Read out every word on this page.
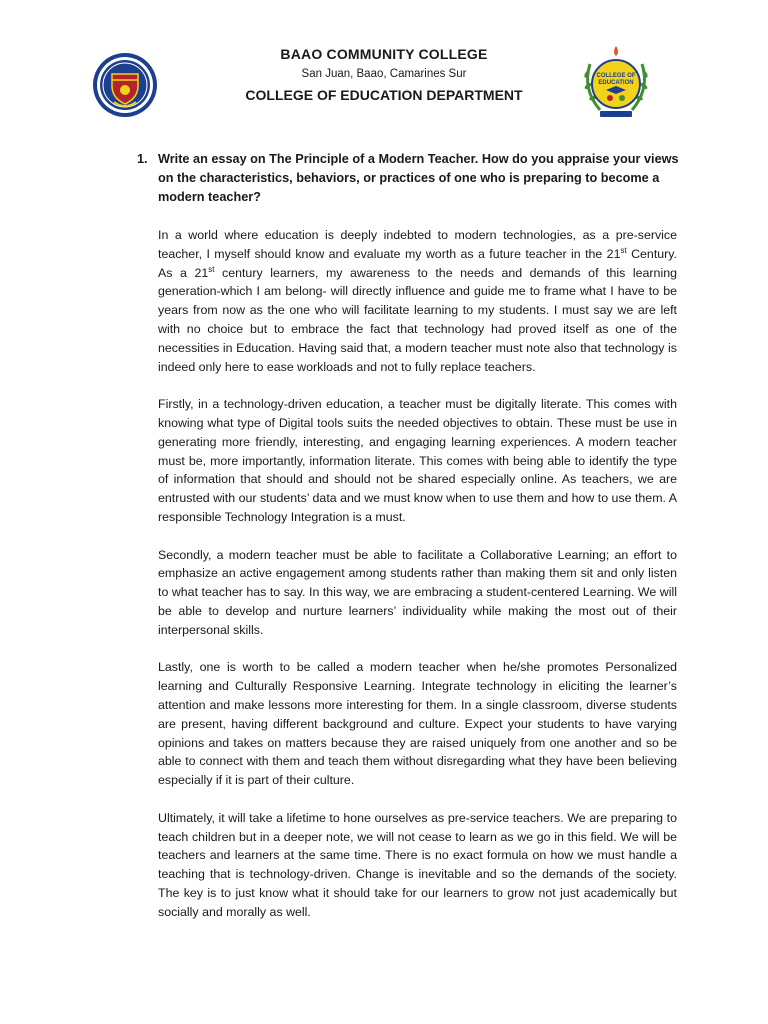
BAAO COMMUNITY COLLEGE
San Juan, Baao, Camarines Sur
COLLEGE OF EDUCATION DEPARTMENT
COLLEGE OF
EDUCATION
1. Write an essay on The Principle of a Modern Teacher. How do you appraise your views on the characteristics, behaviors, or practices of one who is preparing to become a modern teacher?

In a world where education is deeply indebted to modern technologies, as a pre-service teacher, I myself should know and evaluate my worth as a future teacher in the 21st Century. As a 21st century learners, my awareness to the needs and demands of this learning generation-which I am belong- will directly influence and guide me to frame what I have to be years from now as the one who will facilitate learning to my students. I must say we are left with no choice but to embrace the fact that technology had proved itself as one of the necessities in Education. Having said that, a modern teacher must note also that technology is indeed only here to ease workloads and not to fully replace teachers.

Firstly, in a technology-driven education, a teacher must be digitally literate. This comes with knowing what type of Digital tools suits the needed objectives to obtain. These must be use in generating more friendly, interesting, and engaging learning experiences. A modern teacher must be, more importantly, information literate. This comes with being able to identify the type of information that should and should not be shared especially online. As teachers, we are entrusted with our students’ data and we must know when to use them and how to use them. A responsible Technology Integration is a must.

Secondly, a modern teacher must be able to facilitate a Collaborative Learning; an effort to emphasize an active engagement among students rather than making them sit and only listen to what teacher has to say. In this way, we are embracing a student-centered Learning. We will be able to develop and nurture learners’ individuality while making the most out of their interpersonal skills.

Lastly, one is worth to be called a modern teacher when he/she promotes Personalized learning and Culturally Responsive Learning. Integrate technology in eliciting the learner’s attention and make lessons more interesting for them. In a single classroom, diverse students are present, having different background and culture. Expect your students to have varying opinions and takes on matters because they are raised uniquely from one another and so be able to connect with them and teach them without disregarding what they have been believing especially if it is part of their culture.

Ultimately, it will take a lifetime to hone ourselves as pre-service teachers. We are preparing to teach children but in a deeper note, we will not cease to learn as we go in this field. We will be teachers and learners at the same time. There is no exact formula on how we must handle a teaching that is technology-driven. Change is inevitable and so the demands of the society. The key is to just know what it should take for our learners to grow not just academically but socially and morally as well.
